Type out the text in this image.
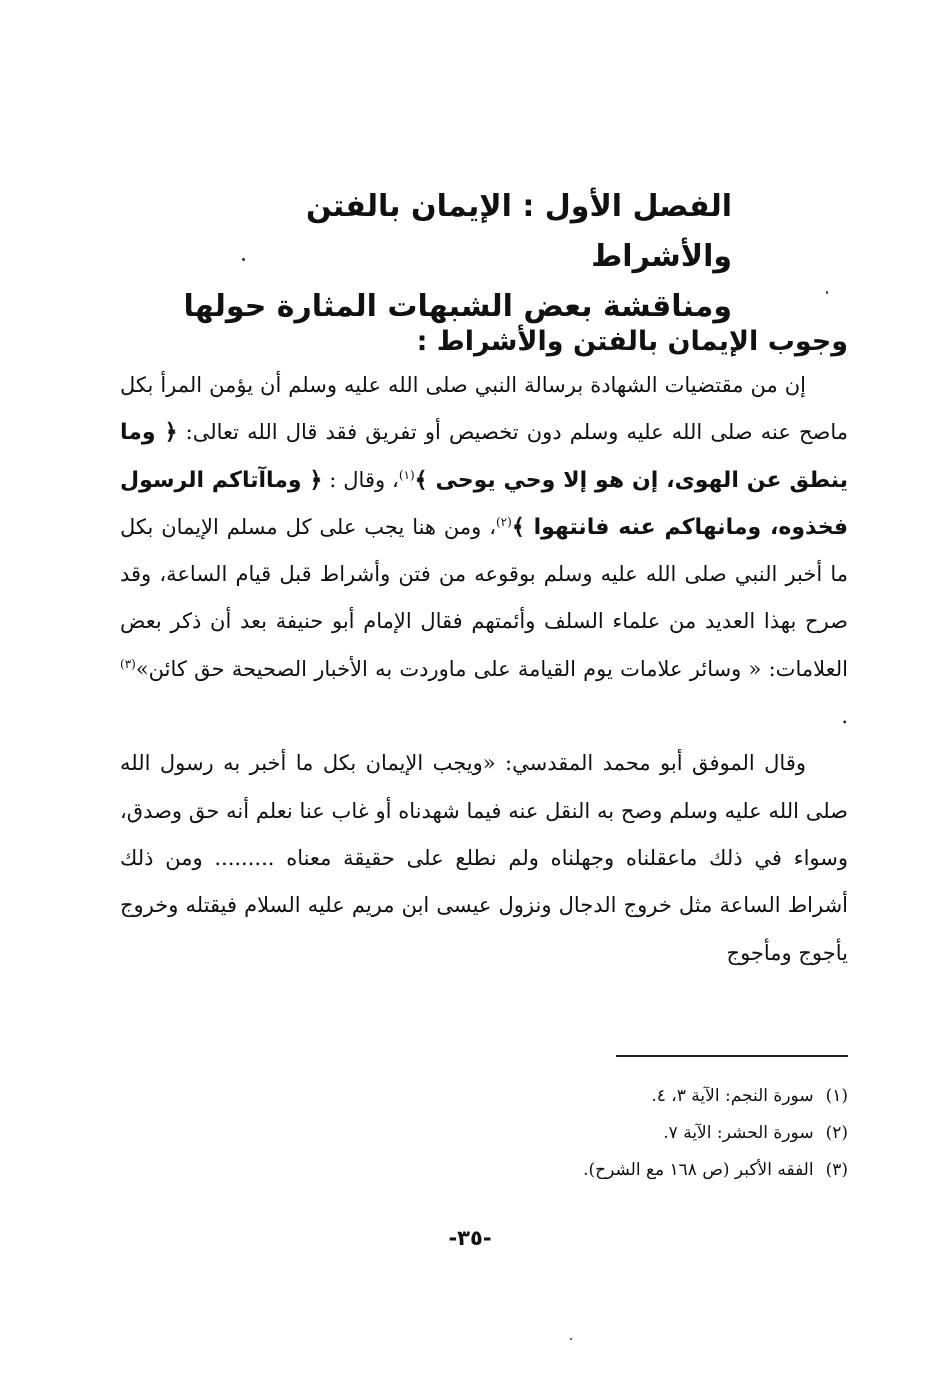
الفصل الأول : الإيمان بالفتن والأشراط
ومناقشة بعض الشبهات المثارة حولها
وجوب الإيمان بالفتن والأشراط :

إن من مقتضيات الشهادة برسالة النبي صلى الله عليه وسلم أن يؤمن المرأ بكل ماصح عنه صلى الله عليه وسلم دون تخصيص أو تفريق فقد قال الله تعالى: ﴿ وما ينطق عن الهوى، إن هو إلا وحي يوحى ﴾$^{(١)}$، وقال : ﴿ وماآتاكم الرسول فخذوه، ومانهاكم عنه فانتهوا ﴾$^{(٢)}$، ومن هنا يجب على كل مسلم الإيمان بكل ما أخبر النبي صلى الله عليه وسلم بوقوعه من فتن وأشراط قبل قيام الساعة، وقد صرح بهذا العديد من علماء السلف وأئمتهم فقال الإمام أبو حنيفة بعد أن ذكر بعض العلامات: « وسائر علامات يوم القيامة على ماوردت به الأخبار الصحيحة حق كائن»$^{(٣)}$ .

وقال الموفق أبو محمد المقدسي: «ويجب الإيمان بكل ما أخبر به رسول الله صلى الله عليه وسلم وصح به النقل عنه فيما شهدناه أو غاب عنا نعلم أنه حق وصدق، وسواء في ذلك ماعقلناه وجهلناه ولم نطلع على حقيقة معناه ......... ومن ذلك أشراط الساعة مثل خروج الدجال ونزول عيسى ابن مريم عليه السلام فيقتله وخروج يأجوج ومأجوج

(١)سورة النجم: الآية ٣، ٤.
(٢)سورة الحشر: الآية ٧.
(٣)الفقه الأكبر (ص ١٦٨ مع الشرح).
-٣٥-
